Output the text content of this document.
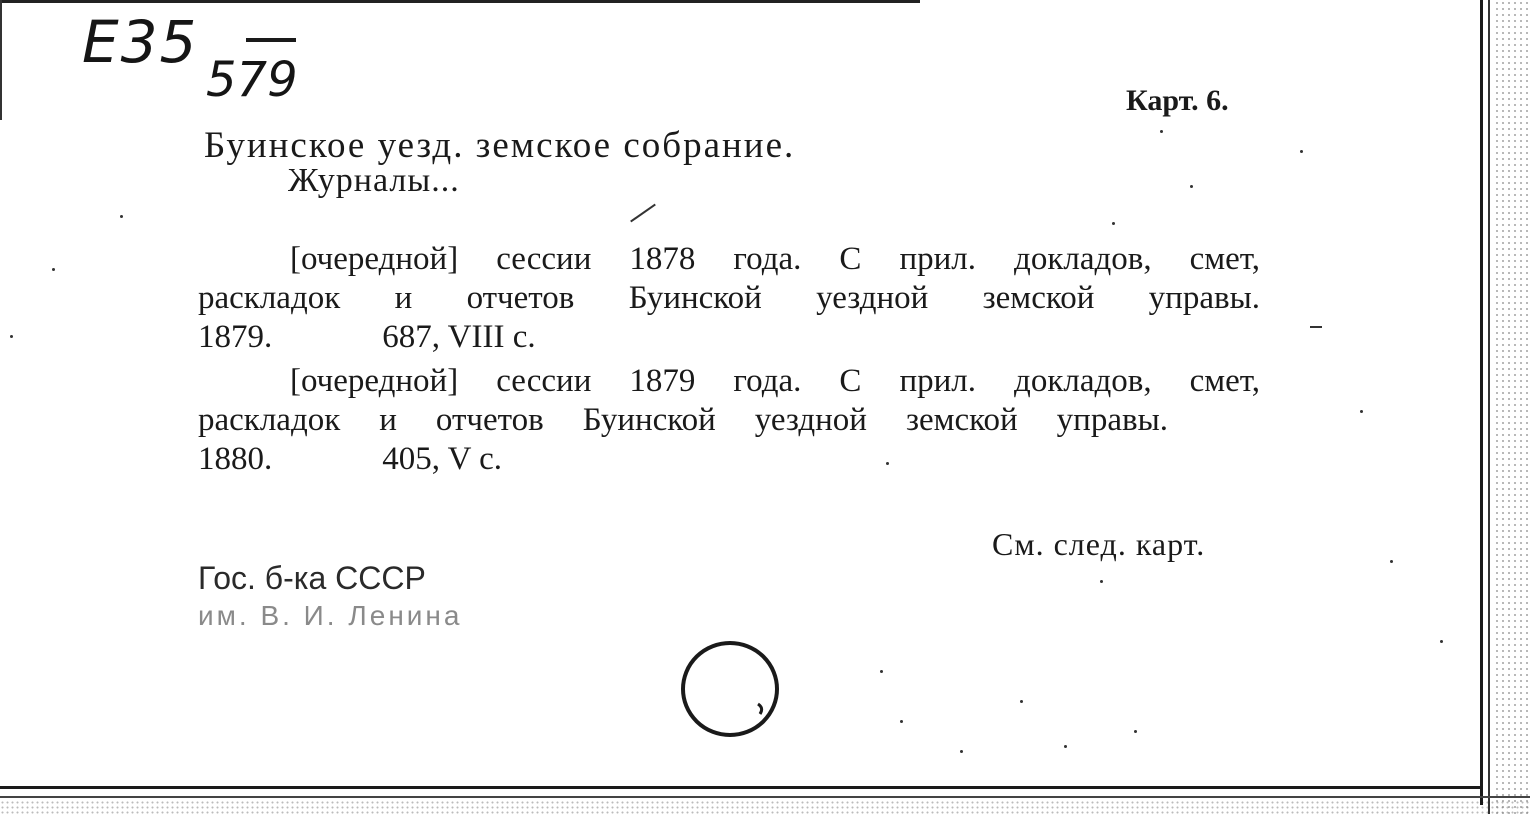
E35
579	Карт. 6.
Буинское уезд. земское собрание.
Журналы...
[очередной] сессии 1878 года. С прил. докладов, смет,
раскладок и отчетов Буинской уездной земской управы.
1879.	687, VIII с.
[очередной] сессии 1879 года. С прил. докладов, смет,
раскладок и отчетов Буинской уездной земской управы.
1880.	405, V с.
См. след. карт.
Гос. б-ка СССР
им. В. И. Ленина
